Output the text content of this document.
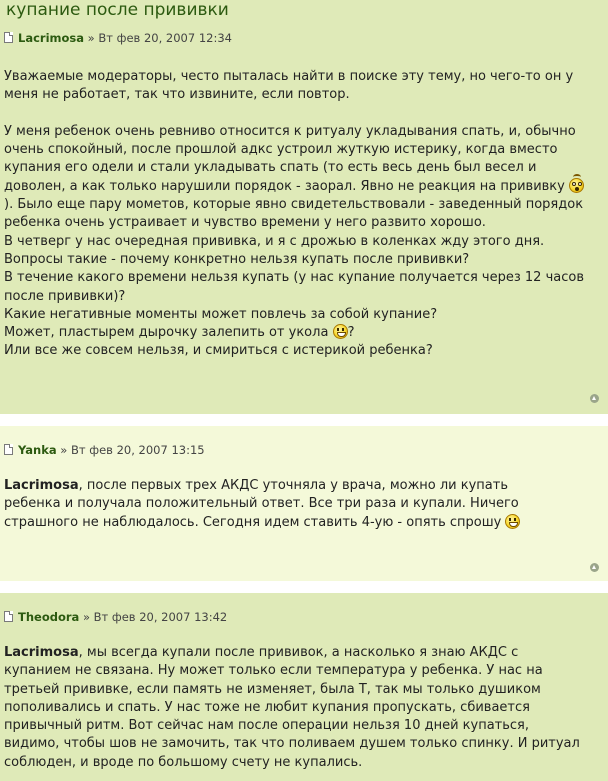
купание после прививки
Lacrimosa » Вт фев 20, 2007 12:34

Уважаемые модераторы, често пыталась найти в поиске эту тему, но чего-то он у меня не работает, так что извините, если повтор.

У меня ребенок очень ревниво относится к ритуалу укладывания спать, и, обычно очень спокойный, после прошлой адкс устроил жуткую истерику, когда вместо купания его одели и стали укладывать спать (то есть весь день был весел и доволен, а как только нарушили порядок - заорал. Явно не реакция на прививку
). Было еще пару мометов, которые явно свидетельствовали - заведенный порядок ребенка очень устраивает и чувство времени у него развито хорошо.

В четверг у нас очередная прививка, и я с дрожью в коленках жду этого дня.

Вопросы такие - почему конкретно нельзя купать после прививки?

В течение какого времени нельзя купать (у нас купание получается через 12 часов после прививки)?

Какие негативные моменты может повлечь за собой купание?

Может, пластырем дырочку залепить от укола ?

Или все же совсем нельзя, и смириться с истерикой ребенка?

Yanka » Вт фев 20, 2007 13:15

Lacrimosa, после первых трех АКДС уточняла у врача, можно ли купать ребенка и получала положительный ответ. Все три раза и купали. Ничего страшного не наблюдалось. Сегодня идем ставить 4-ую - опять спрошу

Theodora » Вт фев 20, 2007 13:42

Lacrimosa, мы всегда купали после прививок, а насколько я знаю АКДС с купанием не связана. Ну может только если температура у ребенка. У нас на третьей прививке, если память не изменяет, была Т, так мы только душиком пополивались и спать. У нас тоже не любит купания пропускать, сбивается привычный ритм. Вот сейчас нам после операции нельзя 10 дней купаться, видимо, чтобы шов не замочить, так что поливаем душем только спинку. И ритуал соблюден, и вроде по большому счету не купались.
